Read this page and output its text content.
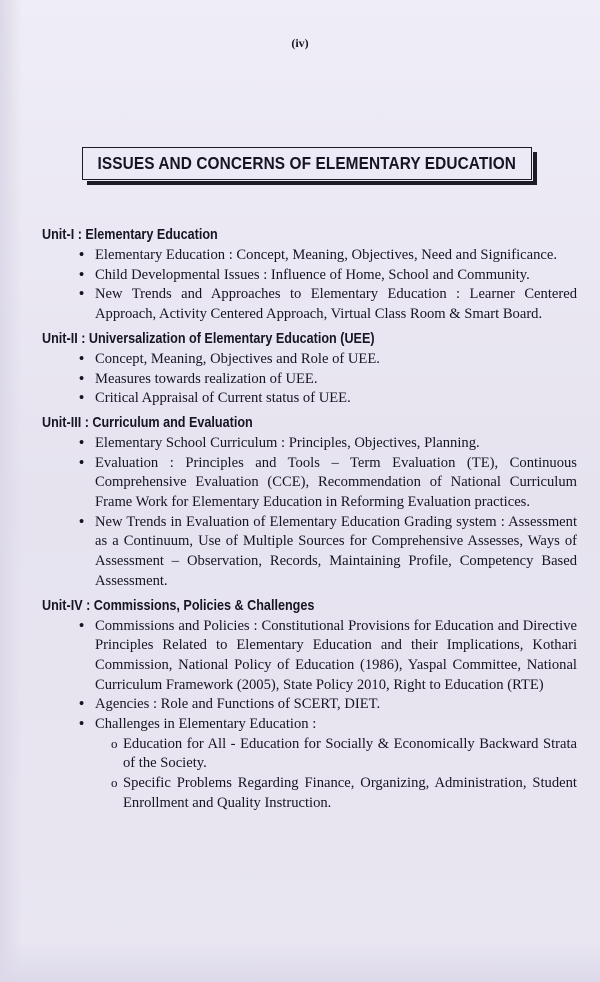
(iv)
ISSUES AND CONCERNS OF ELEMENTARY EDUCATION
Unit-I : Elementary Education
• Elementary Education : Concept, Meaning, Objectives, Need and Significance.
• Child Developmental Issues : Influence of Home, School and Community.
• New Trends and Approaches to Elementary Education : Learner Centered Approach, Activity Centered Approach, Virtual Class Room & Smart Board.
Unit-II : Universalization of Elementary Education (UEE)
• Concept, Meaning, Objectives and Role of UEE.
• Measures towards realization of UEE.
• Critical Appraisal of Current status of UEE.
Unit-III : Curriculum and Evaluation
• Elementary School Curriculum : Principles, Objectives, Planning.
• Evaluation : Principles and Tools – Term Evaluation (TE), Continuous Comprehensive Evaluation (CCE), Recommendation of National Curriculum Frame Work for Elementary Education in Reforming Evaluation practices.
• New Trends in Evaluation of Elementary Education Grading system : Assessment as a Continuum, Use of Multiple Sources for Comprehensive Assesses, Ways of Assessment – Observation, Records, Maintaining Profile, Competency Based Assessment.
Unit-IV : Commissions, Policies & Challenges
• Commissions and Policies : Constitutional Provisions for Education and Directive Principles Related to Elementary Education and their Implications, Kothari Commission, National Policy of Education (1986), Yaspal Committee, National Curriculum Framework (2005), State Policy 2010, Right to Education (RTE)
• Agencies : Role and Functions of SCERT, DIET.
• Challenges in Elementary Education :
o Education for All - Education for Socially & Economically Backward Strata of the Society.
o Specific Problems Regarding Finance, Organizing, Administration, Student Enrollment and Quality Instruction.
